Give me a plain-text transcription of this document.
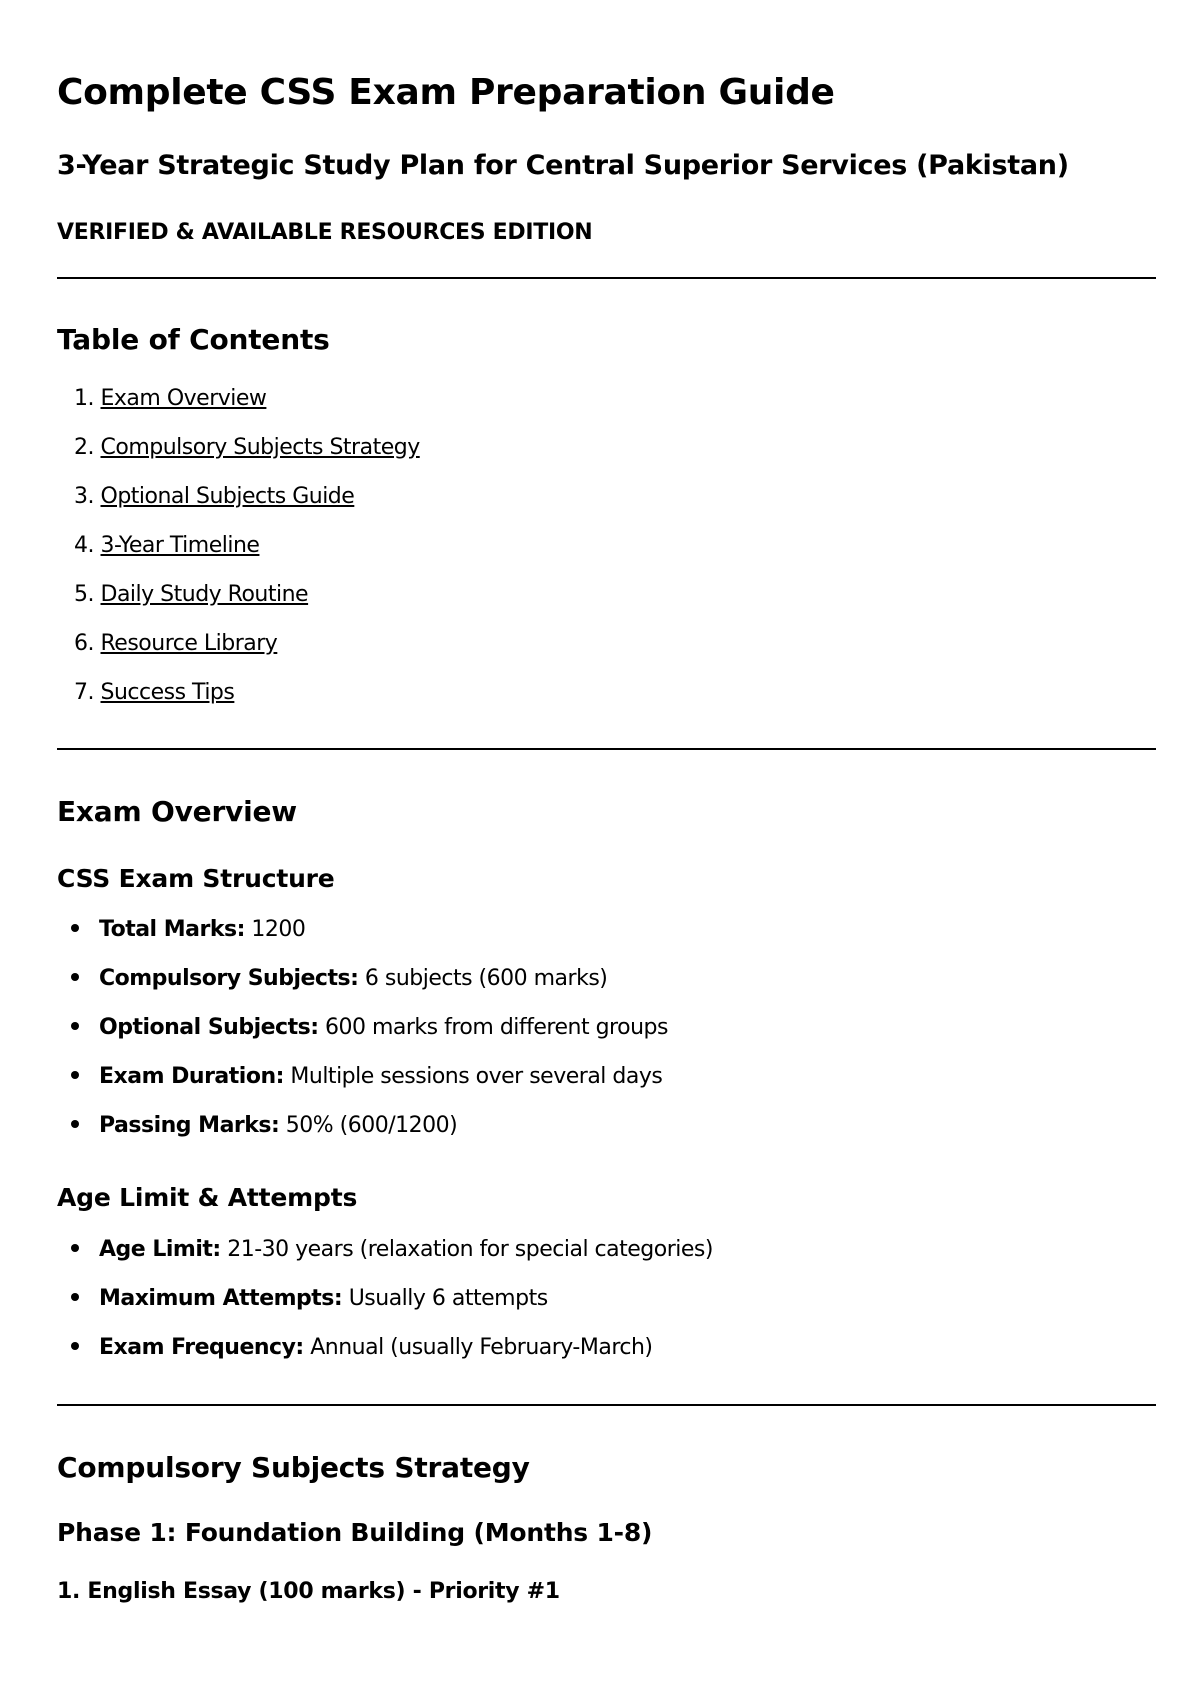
Complete CSS Exam Preparation Guide
3-Year Strategic Study Plan for Central Superior Services (Pakistan)
VERIFIED & AVAILABLE RESOURCES EDITION
Table of Contents
1. Exam Overview
2. Compulsory Subjects Strategy
3. Optional Subjects Guide
4. 3-Year Timeline
5. Daily Study Routine
6. Resource Library
7. Success Tips
Exam Overview
CSS Exam Structure
Total Marks: 1200
Compulsory Subjects: 6 subjects (600 marks)
Optional Subjects: 600 marks from different groups
Exam Duration: Multiple sessions over several days
Passing Marks: 50% (600/1200)
Age Limit & Attempts
Age Limit: 21-30 years (relaxation for special categories)
Maximum Attempts: Usually 6 attempts
Exam Frequency: Annual (usually February-March)
Compulsory Subjects Strategy
Phase 1: Foundation Building (Months 1-8)
1. English Essay (100 marks) - Priority #1
